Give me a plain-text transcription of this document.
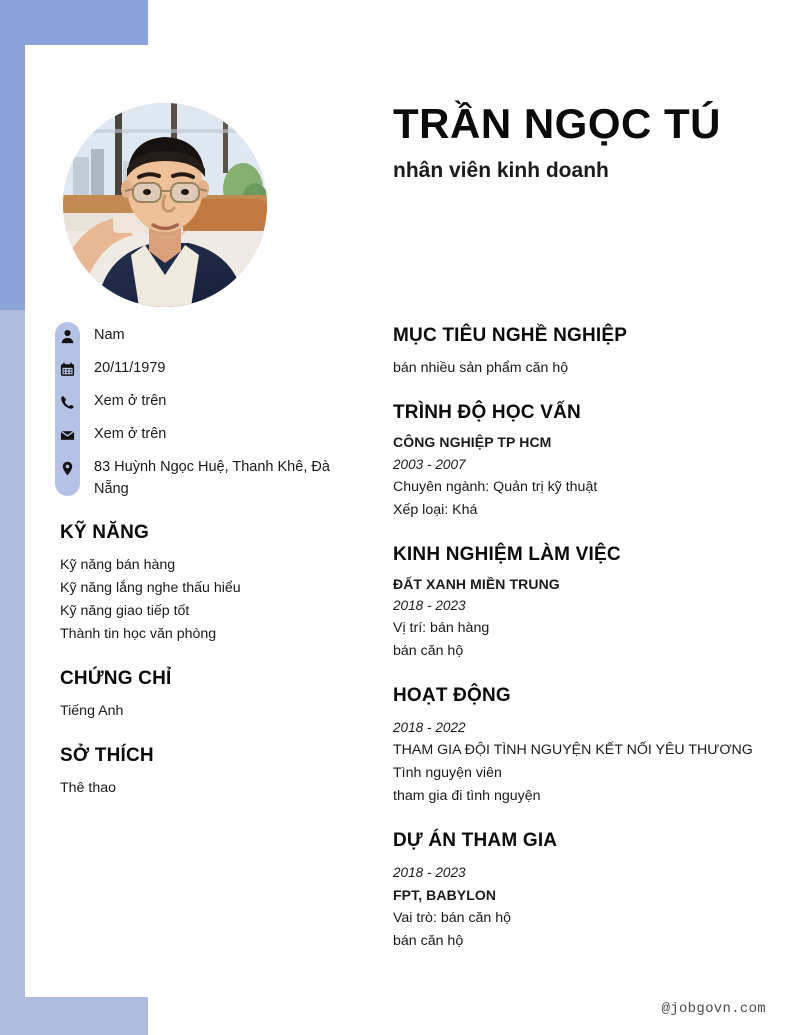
TRẦN NGỌC TÚ
nhân viên kinh doanh
Nam
20/11/1979
Xem ở trên
Xem ở trên
83 Huỳnh Ngọc Huệ, Thanh Khê, Đà Nẵng
KỸ NĂNG
Kỹ năng bán hàng
Kỹ năng lắng nghe thấu hiểu
Kỹ năng giao tiếp tốt
Thành tin học văn phòng
CHỨNG CHỈ
Tiếng Anh
SỞ THÍCH
Thê thao
MỤC TIÊU NGHỀ NGHIỆP
bán nhiều sản phẩm căn hộ
TRÌNH ĐỘ HỌC VẤN
CÔNG NGHIỆP TP HCM
2003 - 2007
Chuyên ngành: Quản trị kỹ thuật
Xếp loại: Khá
KINH NGHIỆM LÀM VIỆC
ĐẤT XANH MIỀN TRUNG
2018 - 2023
Vị trí: bán hàng
bán căn hộ
HOẠT ĐỘNG
2018 - 2022
THAM GIA ĐỘI TÌNH NGUYỆN KẾT NỐI YÊU THƯƠNG
Tình nguyện viên
tham gia đi tình nguyện
DỰ ÁN THAM GIA
2018 - 2023
FPT, BABYLON
Vai trò: bán căn hộ
bán căn hộ
@jobgovn.com
